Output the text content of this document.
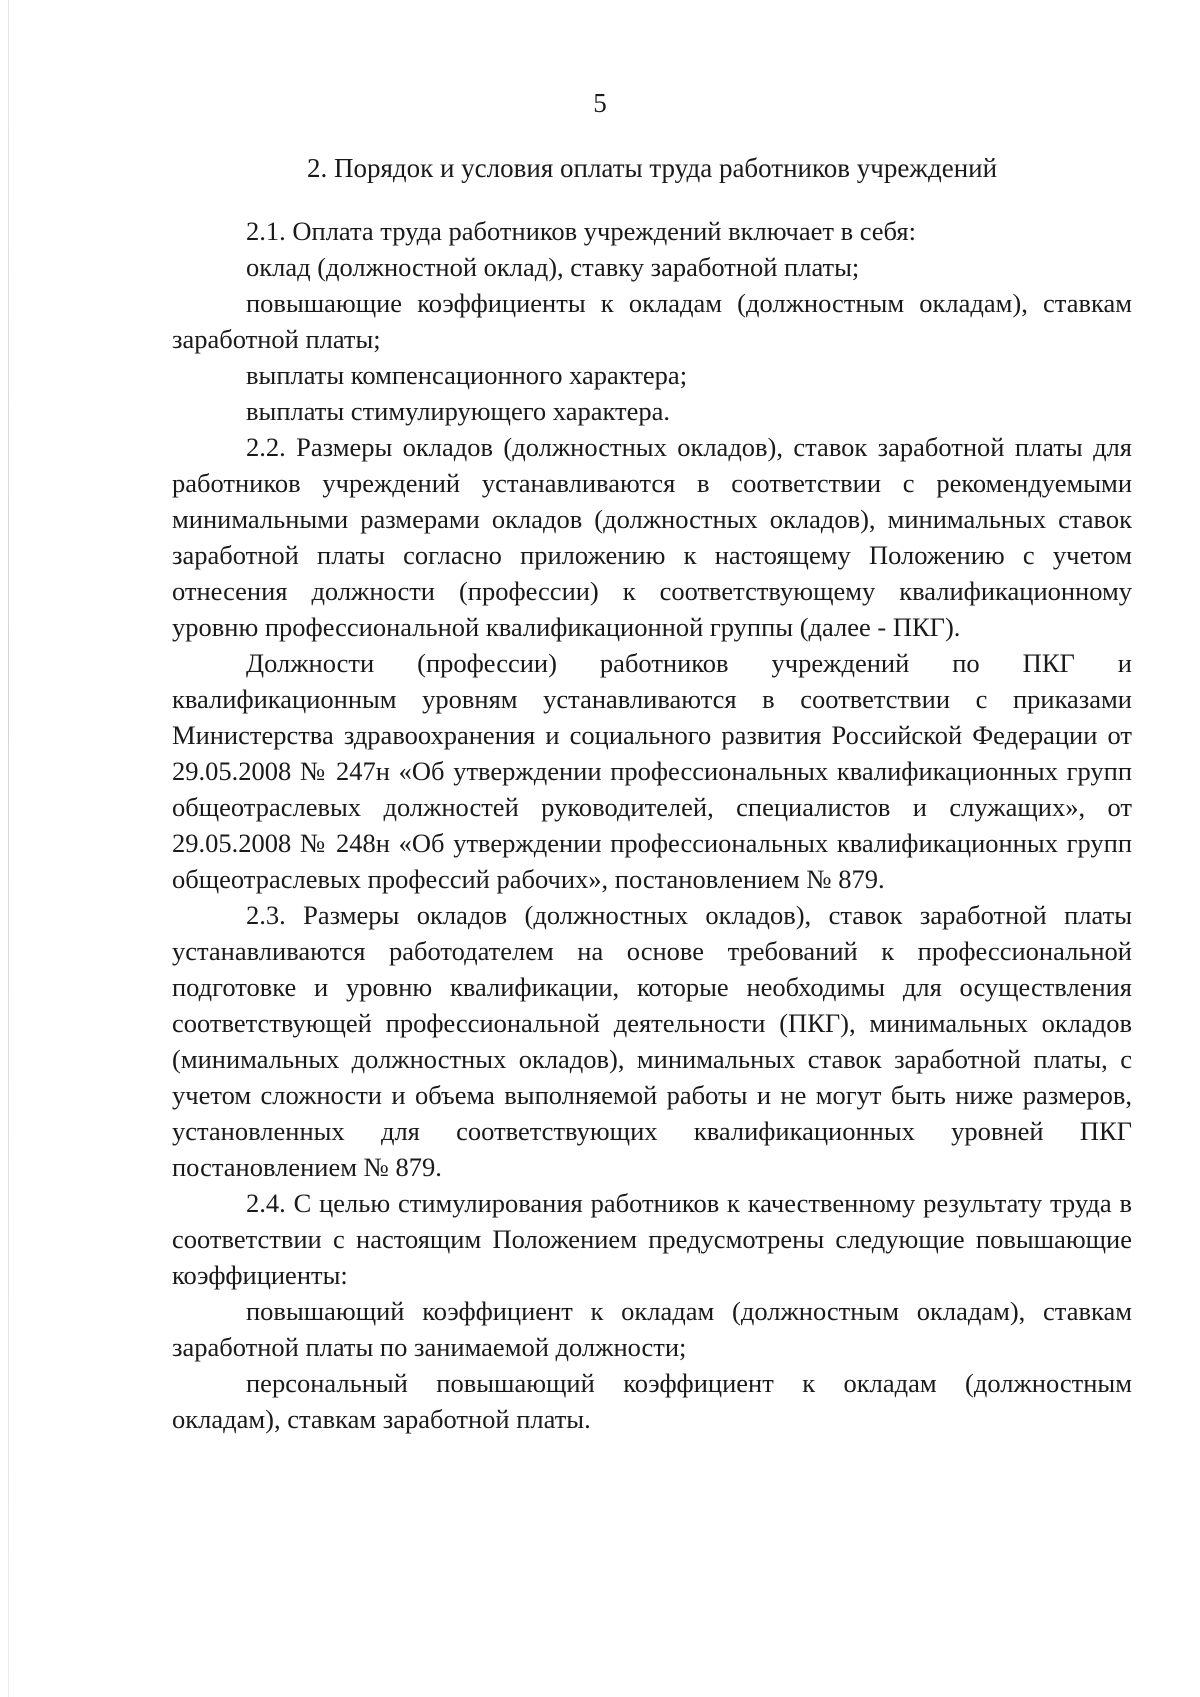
5
2. Порядок и условия оплаты труда работников учреждений

2.1. Оплата труда работников учреждений включает в себя:

оклад (должностной оклад), ставку заработной платы;

повышающие коэффициенты к окладам (должностным окладам), ставкам заработной платы;

выплаты компенсационного характера;

выплаты стимулирующего характера.

2.2. Размеры окладов (должностных окладов), ставок заработной платы для работников учреждений устанавливаются в соответствии с рекомендуемыми минимальными размерами окладов (должностных окладов), минимальных ставок заработной платы согласно приложению к настоящему Положению с учетом отнесения должности (профессии) к соответствующему квалификационному уровню профессиональной квалификационной группы (далее - ПКГ).

Должности (профессии) работников учреждений по ПКГ и квалификационным уровням устанавливаются в соответствии с приказами Министерства здравоохранения и социального развития Российской Федерации от 29.05.2008 № 247н «Об утверждении профессиональных квалификационных групп общеотраслевых должностей руководителей, специалистов и служащих», от 29.05.2008 № 248н «Об утверждении профессиональных квалификационных групп общеотраслевых профессий рабочих», постановлением № 879.

2.3. Размеры окладов (должностных окладов), ставок заработной платы устанавливаются работодателем на основе требований к профессиональной подготовке и уровню квалификации, которые необходимы для осуществления соответствующей профессиональной деятельности (ПКГ), минимальных окладов (минимальных должностных окладов), минимальных ставок заработной платы, с учетом сложности и объема выполняемой работы и не могут быть ниже размеров, установленных для соответствующих квалификационных уровней ПКГ постановлением № 879.

2.4. С целью стимулирования работников к качественному результату труда в соответствии с настоящим Положением предусмотрены следующие повышающие коэффициенты:

повышающий коэффициент к окладам (должностным окладам), ставкам заработной платы по занимаемой должности;

персональный повышающий коэффициент к окладам (должностным окладам), ставкам заработной платы.
